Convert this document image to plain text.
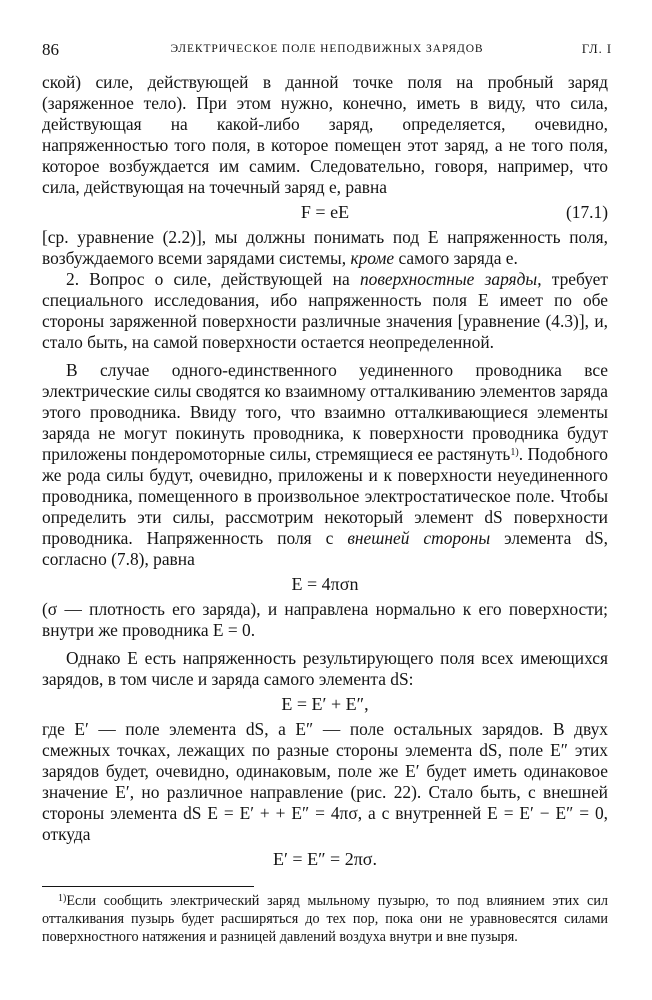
86	ЭЛЕКТРИЧЕСКОЕ ПОЛЕ НЕПОДВИЖНЫХ ЗАРЯДОВ	ГЛ. I

ской) силе, действующей в данной точке поля на пробный заряд (заряженное тело). При этом нужно, конечно, иметь в виду, что сила, действующая на какой-либо заряд, определяется, очевидно, напряженностью того поля, в которое помещен этот заряд, а не того поля, которое возбуждается им самим. Следовательно, говоря, например, что сила, действующая на точечный заряд e, равна

F = eE	(17.1)

[ср. уравнение (2.2)], мы должны понимать под E напряженность поля, возбуждаемого всеми зарядами системы, кроме самого заряда e.

2. Вопрос о силе, действующей на поверхностные заряды, требует специального исследования, ибо напряженность поля E имеет по обе стороны заряженной поверхности различные значения [уравнение (4.3)], и, стало быть, на самой поверхности остается неопределенной.

В случае одного-единственного уединенного проводника все электрические силы сводятся ко взаимному отталкиванию элементов заряда этого проводника. Ввиду того, что взаимно отталкивающиеся элементы заряда не могут покинуть проводника, к поверхности проводника будут приложены пондеромоторные силы, стремящиеся ее растянуть$^{1)}$. Подобного же рода силы будут, очевидно, приложены и к поверхности неуединенного проводника, помещенного в произвольное электростатическое поле. Чтобы определить эти силы, рассмотрим некоторый элемент dS поверхности проводника. Напряженность поля с внешней стороны элемента dS, согласно (7.8), равна

E = 4πσn

(σ — плотность его заряда), и направлена нормально к его поверхности; внутри же проводника E = 0.

Однако E есть напряженность результирующего поля всех имеющихся зарядов, в том числе и заряда самого элемента dS:

E = E′ + E″,

где E′ — поле элемента dS, а E″ — поле остальных зарядов. В двух смежных точках, лежащих по разные стороны элемента dS, поле E″ этих зарядов будет, очевидно, одинаковым, поле же E′ будет иметь одинаковое значение E′, но различное направление (рис. 22). Стало быть, с внешней стороны элемента dS E = E′ + + E″ = 4πσ, а с внутренней E = E′ − E″ = 0, откуда

E′ = E″ = 2πσ.

$^{1)}$Если сообщить электрический заряд мыльному пузырю, то под влиянием этих сил отталкивания пузырь будет расширяться до тех пор, пока они не уравновесятся силами поверхностного натяжения и разницей давлений воздуха внутри и вне пузыря.
